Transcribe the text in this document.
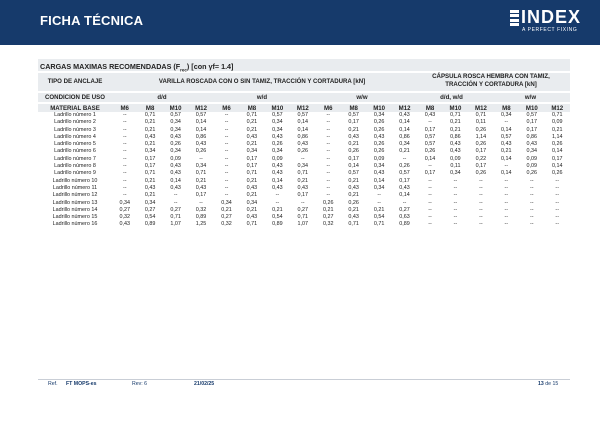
FICHA TÉCNICA	INDEX
A PERFECT FIXING
CARGAS MAXIMAS RECOMENDADAS $(F_{rec})$ [con γf= 1.4]
TIPO DE ANCLAJE	VARILLA ROSCADA CON O SIN TAMIZ, TRACCIÓN Y CORTADURA [kN]
CÁPSULA ROSCA HEMBRA CON TAMIZ,
TRACCIÓN Y CORTADURA [kN]
CONDICION DE USO	d/d	w/d	w/w	d/d, w/d	w/w
MATERIAL BASE	M6	M8	M10	M12	M6	M8	M10	M12	M6	M8	M10	M12	M8	M10	M12	M8	M10	M12
Ladrillo número 1	--	0,71	0,57	0,57	--	0,71	0,57	0,57	--	0,57	0,34	0,43	0,43	0,71	0,71	0,34	0,57	0,71
Ladrillo número 2	--	0,21	0,34	0,14	--	0,21	0,34	0,14	--	0,17	0,26	0,14	--	0,21	0,11	--	0,17	0,09
Ladrillo número 3	--	0,21	0,34	0,14	--	0,21	0,34	0,14	--	0,21	0,26	0,14	0,17	0,21	0,26	0,14	0,17	0,21
Ladrillo número 4	--	0,43	0,43	0,86	--	0,43	0,43	0,86	--	0,43	0,43	0,86	0,57	0,86	1,14	0,57	0,86	1,14
Ladrillo número 5	--	0,21	0,26	0,43	--	0,21	0,26	0,43	--	0,21	0,26	0,34	0,57	0,43	0,26	0,43	0,43	0,26
Ladrillo número 6	--	0,34	0,34	0,26	--	0,34	0,34	0,26	--	0,26	0,26	0,21	0,26	0,43	0,17	0,21	0,34	0,14
Ladrillo número 7	--	0,17	0,09	--	--	0,17	0,09	--	--	0,17	0,09	--	0,14	0,09	0,22	0,14	0,09	0,17
Ladrillo número 8	--	0,17	0,43	0,34	--	0,17	0,43	0,34	--	0,14	0,34	0,26	--	0,11	0,17	--	0,09	0,14
Ladrillo número 9	--	0,71	0,43	0,71	--	0,71	0,43	0,71	--	0,57	0,43	0,57	0,17	0,34	0,26	0,14	0,26	0,26
Ladrillo número 10	--	0,21	0,14	0,21	--	0,21	0,14	0,21	--	0,21	0,14	0,17	--	--	--	--	--	--
Ladrillo número 11	--	0,43	0,43	0,43	--	0,43	0,43	0,43	--	0,43	0,34	0,43	--	--	--	--	--	--
Ladrillo número 12	--	0,21	--	0,17	--	0,21	--	0,17	--	0,21	--	0,14	--	--	--	--	--	--
Ladrillo número 13	0,34	0,34	--	--	0,34	0,34	--	--	0,26	0,26	--	--	--	--	--	--	--	--
Ladrillo número 14	0,27	0,27	0,27	0,32	0,21	0,21	0,21	0,27	0,21	0,21	0,21	0,27	--	--	--	--	--	--
Ladrillo número 15	0,32	0,54	0,71	0,89	0,27	0,43	0,54	0,71	0,27	0,43	0,54	0,63	--	--	--	--	--	--
Ladrillo número 16	0,43	0,89	1,07	1,25	0,32	0,71	0,89	1,07	0,32	0,71	0,71	0,89	--	--	--	--	--	--
Ref. FT MOPS-es	Rev: 6	21/02/25	13 de 15
